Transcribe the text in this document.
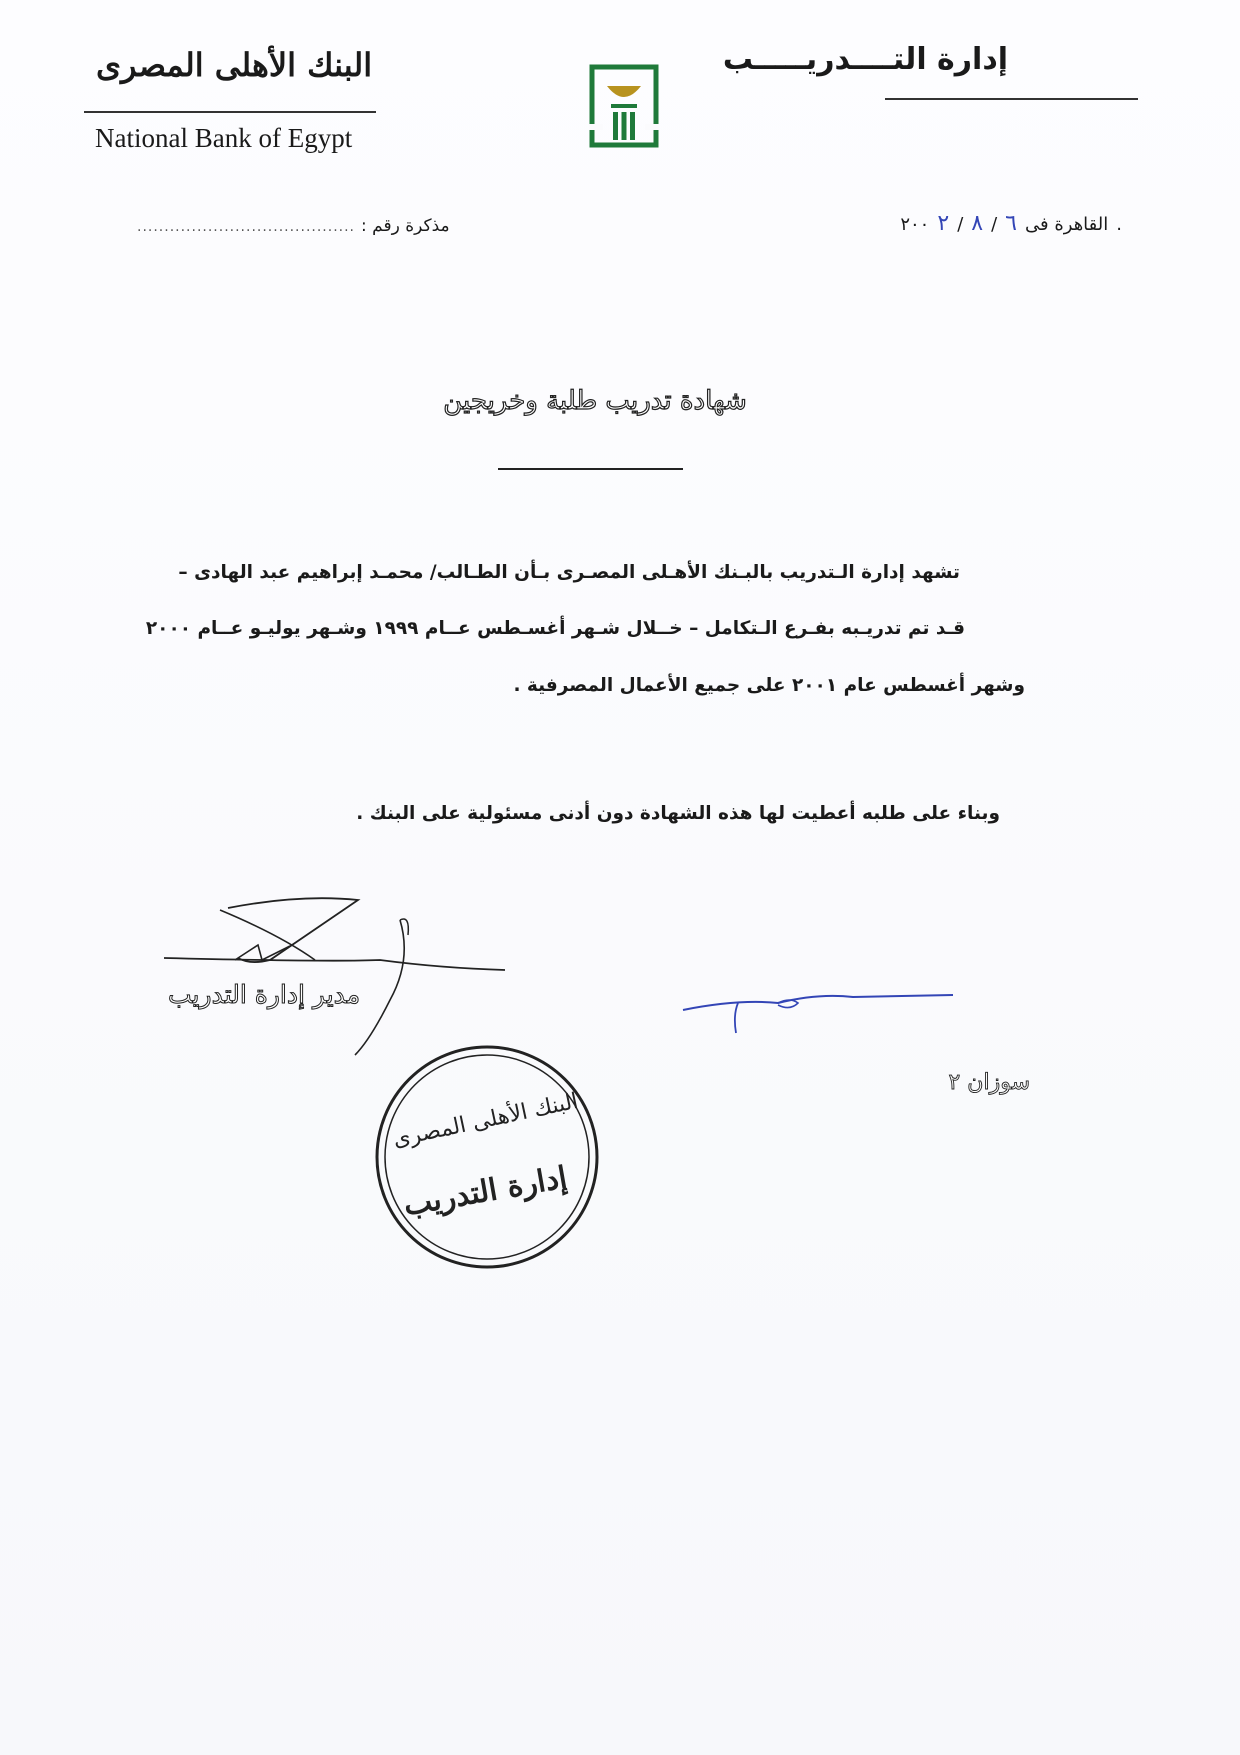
إدارة التــــدريـــــب
البنك الأهلى المصرى
National Bank of Egypt
.
القاهرة فى
٦
/
٨
/
٢
٢٠٠
........................................ مذكرة رقم :
شهادة تدريب طلبة وخريجين
تشهد إدارة الـتدريب بالبـنك الأهـلى المصـرى بـأن الطـالب/ محمـد إبراهيم عبد الهادى –
قـد تم تدريـبه بفـرع الـتكامل – خــلال شـهر أغسـطس عــام ١٩٩٩ وشـهر يوليـو عــام ٢٠٠٠
وشهر أغسطس عام ٢٠٠١ على جميع الأعمال المصرفية .
وبناء على طلبه أعطيت لها هذه الشهادة دون أدنى مسئولية على البنك .
مدير إدارة التدريب
سوزان ٢
البنك الأهلى المصرى
إدارة التدريب
